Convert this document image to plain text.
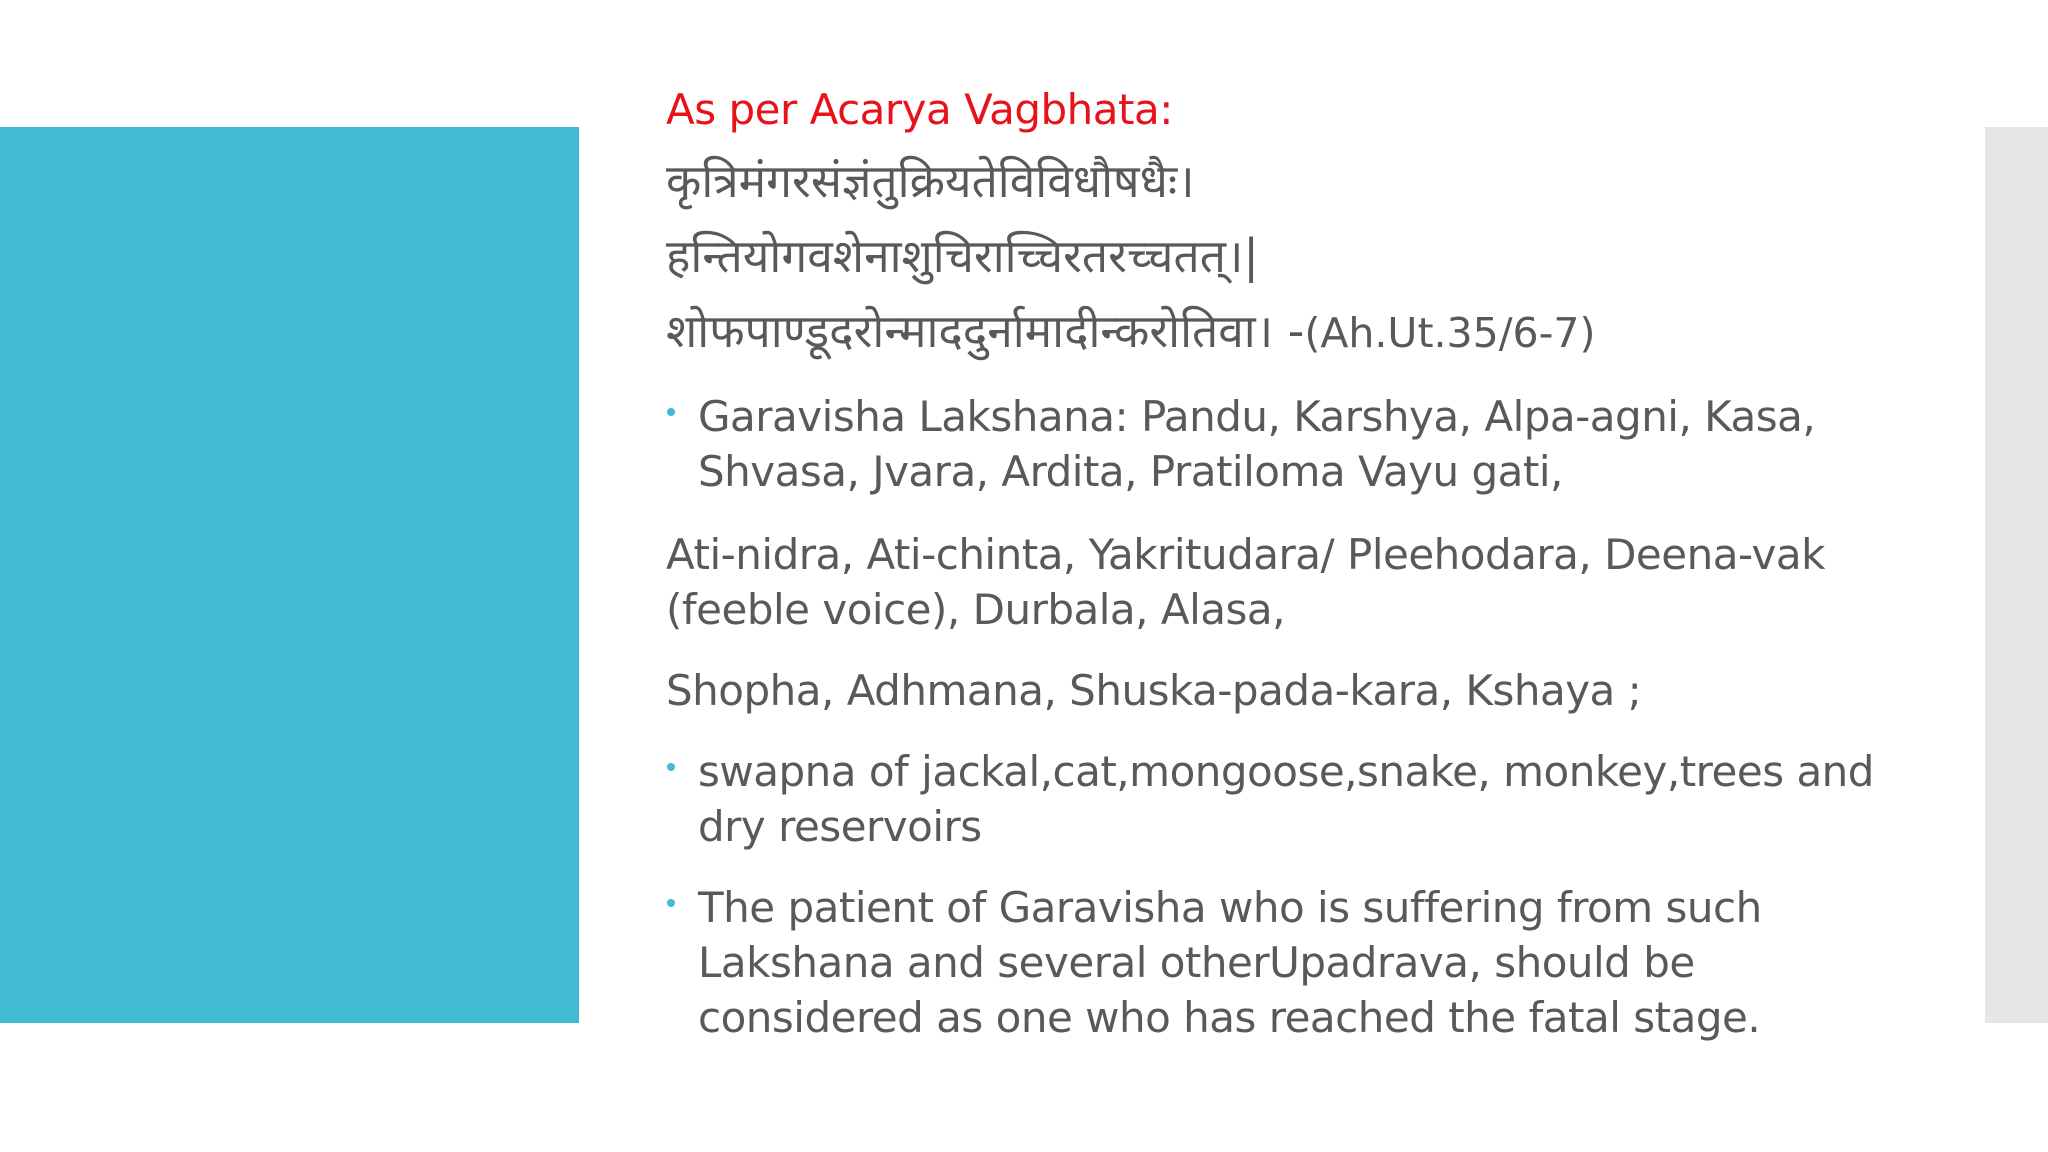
As per Acarya Vagbhata:

कृत्रिमंगरसंज्ञंतुक्रियतेविविधौषधैः।

हन्तियोगवशेनाशुचिराच्चिरतरच्चतत्।|

शोफपाण्डूदरोन्माददुर्नामादीन्करोतिवा। -(Ah.Ut.35/6-7)

Garavisha Lakshana: Pandu, Karshya, Alpa-agni, Kasa, Shvasa, Jvara, Ardita, Pratiloma Vayu gati,

Ati-nidra, Ati-chinta, Yakritudara/ Pleehodara, Deena-vak (feeble voice), Durbala, Alasa,

Shopha, Adhmana, Shuska-pada-kara, Kshaya ;

swapna of jackal,cat,mongoose,snake, monkey,trees and dry reservoirs

The patient of Garavisha who is suffering from such Lakshana and several otherUpadrava, should be considered as one who has reached the fatal stage.
